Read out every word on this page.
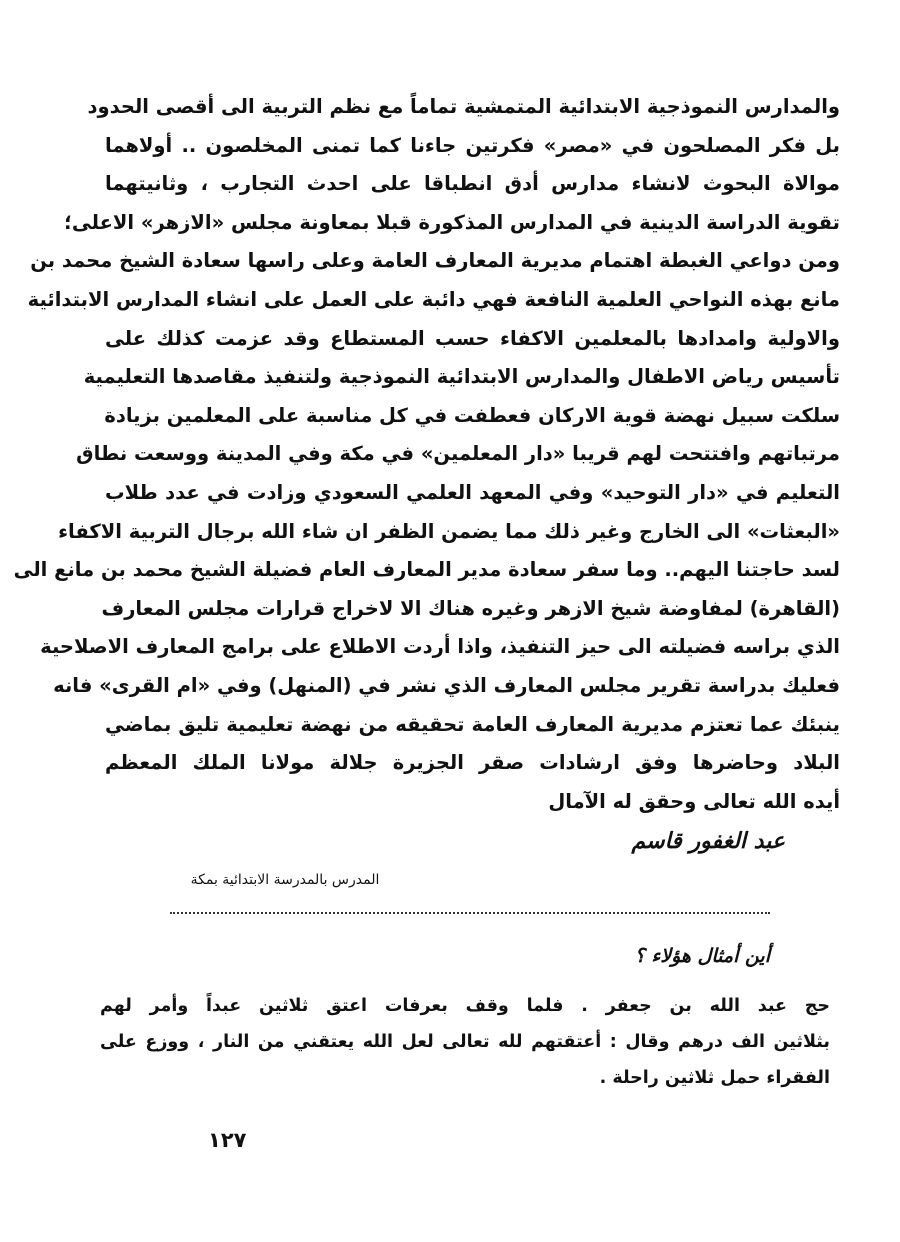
والمدارس النموذجية الابتدائية المتمشية تماماً مع نظم التربية الى أقصى الحدود
بل فكر المصلحون في «مصر» فكرتين جاءنا كما تمنى المخلصون .. أولاهما
موالاة البحوث لانشاء مدارس أدق انطباقا على احدث التجارب ، وثانيتهما
تقوية الدراسة الدينية في المدارس المذكورة قبلا بمعاونة مجلس «الازهر» الاعلى؛
ومن دواعي الغبطة اهتمام مديرية المعارف العامة وعلى راسها سعادة الشيخ محمد بن
مانع بهذه النواحي العلمية النافعة فهي دائبة على العمل على انشاء المدارس الابتدائية
والاولية وامدادها بالمعلمين الاكفاء حسب المستطاع وقد عزمت كذلك على
تأسيس رياض الاطفال والمدارس الابتدائية النموذجية ولتنفيذ مقاصدها التعليمية
سلكت سبيل نهضة قوية الاركان فعطفت في كل مناسبة على المعلمين بزيادة
مرتباتهم وافتتحت لهم قريبا «دار المعلمين» في مكة وفي المدينة ووسعت نطاق
التعليم في «دار التوحيد» وفي المعهد العلمي السعودي وزادت في عدد طلاب
«البعثات» الى الخارج وغير ذلك مما يضمن الظفر ان شاء الله برجال التربية الاكفاء
لسد حاجتنا اليهم.. وما سفر سعادة مدير المعارف العام فضيلة الشيخ محمد بن مانع الى
(القاهرة) لمفاوضة شيخ الازهر وغيره هناك الا لاخراج قرارات مجلس المعارف
الذي براسه فضيلته الى حيز التنفيذ، واذا أردت الاطلاع على برامج المعارف الاصلاحية
فعليك بدراسة تقرير مجلس المعارف الذي نشر في (المنهل) وفي «ام القرى» فانه
ينبئك عما تعتزم مديرية المعارف العامة تحقيقه من نهضة تعليمية تليق بماضي
البلاد وحاضرها وفق ارشادات صقر الجزيرة جلالة مولانا الملك المعظم
أيده الله تعالى وحقق له الآمال
عبد الغفور قاسم
المدرس بالمدرسة الابتدائية بمكة
أين أمثال هؤلاء ؟
حج عبد الله بن جعفر . فلما وقف بعرفات اعتق ثلاثين عبداً وأمر لهم
بثلاثين الف درهم وقال : أعتقتهم لله تعالى لعل الله يعتقني من النار ، ووزع على
الفقراء حمل ثلاثين راحلة .
١٢٧
